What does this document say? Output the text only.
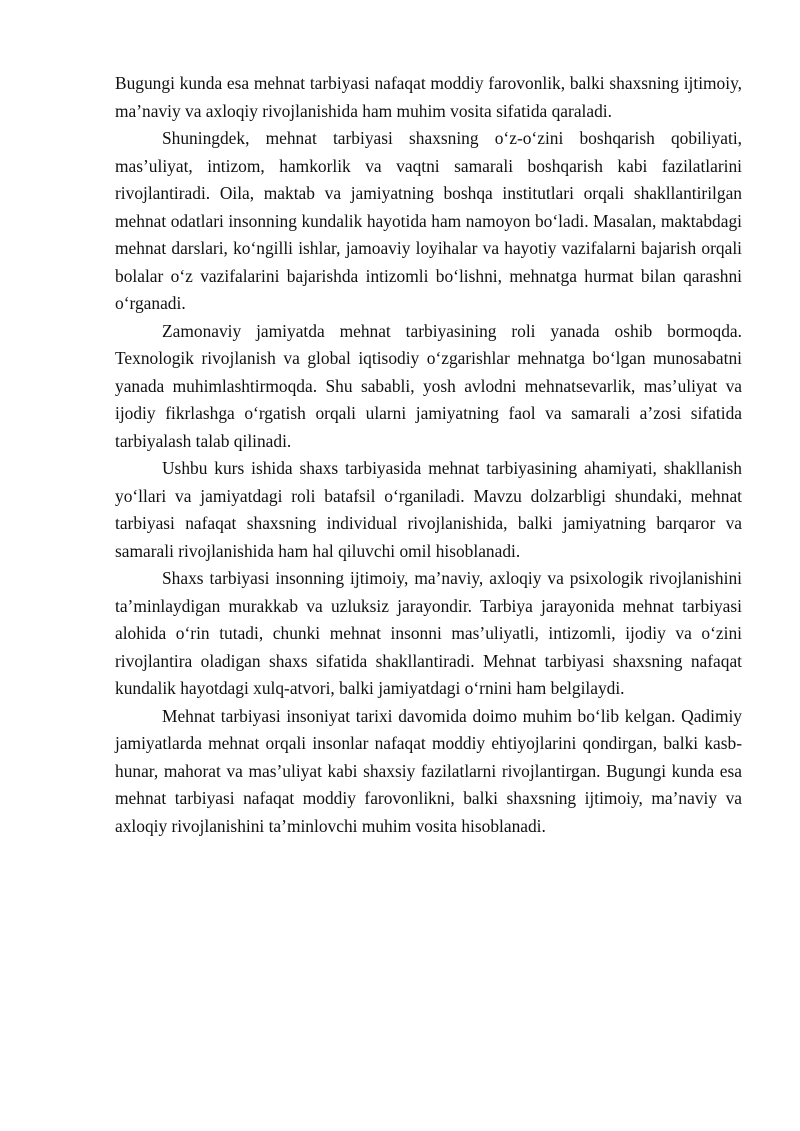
Bugungi kunda esa mehnat tarbiyasi nafaqat moddiy farovonlik, balki shaxsning ijtimoiy, ma’naviy va axloqiy rivojlanishida ham muhim vosita sifatida qaraladi.

Shuningdek, mehnat tarbiyasi shaxsning o‘z-o‘zini boshqarish qobiliyati, mas’uliyat, intizom, hamkorlik va vaqtni samarali boshqarish kabi fazilatlarini rivojlantiradi. Oila, maktab va jamiyatning boshqa institutlari orqali shakllantirilgan mehnat odatlari insonning kundalik hayotida ham namoyon bo‘ladi. Masalan, maktabdagi mehnat darslari, ko‘ngilli ishlar, jamoaviy loyihalar va hayotiy vazifalarni bajarish orqali bolalar o‘z vazifalarini bajarishda intizomli bo‘lishni, mehnatga hurmat bilan qarashni o‘rganadi.

Zamonaviy jamiyatda mehnat tarbiyasining roli yanada oshib bormoqda. Texnologik rivojlanish va global iqtisodiy o‘zgarishlar mehnatga bo‘lgan munosabatni yanada muhimlashtirmoqda. Shu sababli, yosh avlodni mehnatsevarlik, mas’uliyat va ijodiy fikrlashga o‘rgatish orqali ularni jamiyatning faol va samarali a’zosi sifatida tarbiyalash talab qilinadi.

Ushbu kurs ishida shaxs tarbiyasida mehnat tarbiyasining ahamiyati, shakllanish yo‘llari va jamiyatdagi roli batafsil o‘rganiladi. Mavzu dolzarbligi shundaki, mehnat tarbiyasi nafaqat shaxsning individual rivojlanishida, balki jamiyatning barqaror va samarali rivojlanishida ham hal qiluvchi omil hisoblanadi.

Shaxs tarbiyasi insonning ijtimoiy, ma’naviy, axloqiy va psixologik rivojlanishini ta’minlaydigan murakkab va uzluksiz jarayondir. Tarbiya jarayonida mehnat tarbiyasi alohida o‘rin tutadi, chunki mehnat insonni mas’uliyatli, intizomli, ijodiy va o‘zini rivojlantira oladigan shaxs sifatida shakllantiradi. Mehnat tarbiyasi shaxsning nafaqat kundalik hayotdagi xulq-atvori, balki jamiyatdagi o‘rnini ham belgilaydi.

Mehnat tarbiyasi insoniyat tarixi davomida doimo muhim bo‘lib kelgan. Qadimiy jamiyatlarda mehnat orqali insonlar nafaqat moddiy ehtiyojlarini qondirgan, balki kasb-hunar, mahorat va mas’uliyat kabi shaxsiy fazilatlarni rivojlantirgan. Bugungi kunda esa mehnat tarbiyasi nafaqat moddiy farovonlikni, balki shaxsning ijtimoiy, ma’naviy va axloqiy rivojlanishini ta’minlovchi muhim vosita hisoblanadi.
